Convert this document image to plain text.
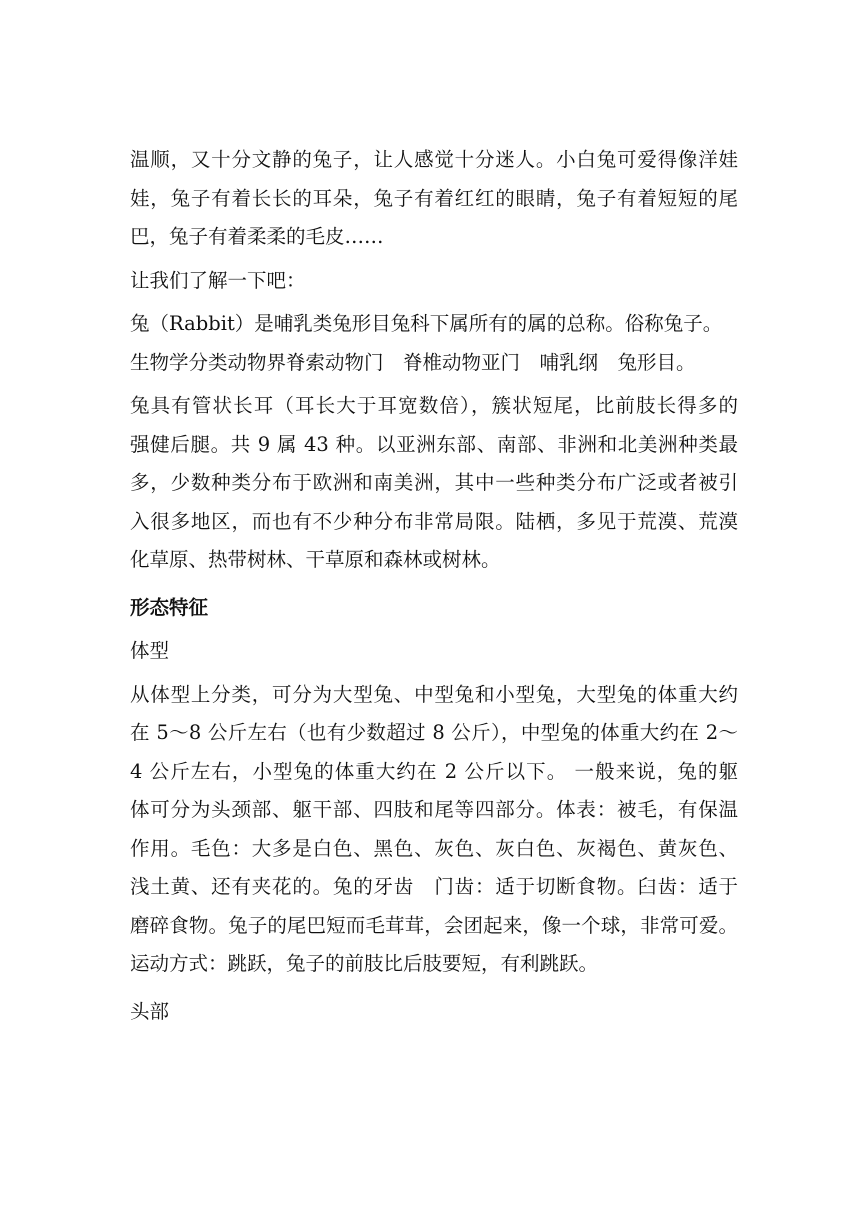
温顺，又十分文静的兔子，让人感觉十分迷人。小白兔可爱得像洋娃
娃，兔子有着长长的耳朵，兔子有着红红的眼睛，兔子有着短短的尾
巴，兔子有着柔柔的毛皮……
让我们了解一下吧：
兔（Rabbit）是哺乳类兔形目兔科下属所有的属的总称。俗称兔子。
生物学分类动物界脊索动物门　脊椎动物亚门　哺乳纲　兔形目。
兔具有管状长耳（耳长大于耳宽数倍），簇状短尾，比前肢长得多的
强健后腿。共 9 属 43 种。以亚洲东部、南部、非洲和北美洲种类最
多，少数种类分布于欧洲和南美洲，其中一些种类分布广泛或者被引
入很多地区，而也有不少种分布非常局限。陆栖，多见于荒漠、荒漠
化草原、热带树林、干草原和森林或树林。
形态特征
体型
从体型上分类，可分为大型兔、中型兔和小型兔，大型兔的体重大约
在 5～8 公斤左右（也有少数超过 8 公斤），中型兔的体重大约在 2～
4 公斤左右，小型兔的体重大约在 2 公斤以下。 一般来说，兔的躯
体可分为头颈部、躯干部、四肢和尾等四部分。体表：被毛，有保温
作用。毛色：大多是白色、黑色、灰色、灰白色、灰褐色、黄灰色、
浅土黄、还有夹花的。兔的牙齿　门齿：适于切断食物。臼齿：适于
磨碎食物。兔子的尾巴短而毛茸茸，会团起来，像一个球，非常可爱。
运动方式：跳跃，兔子的前肢比后肢要短，有利跳跃。
头部
